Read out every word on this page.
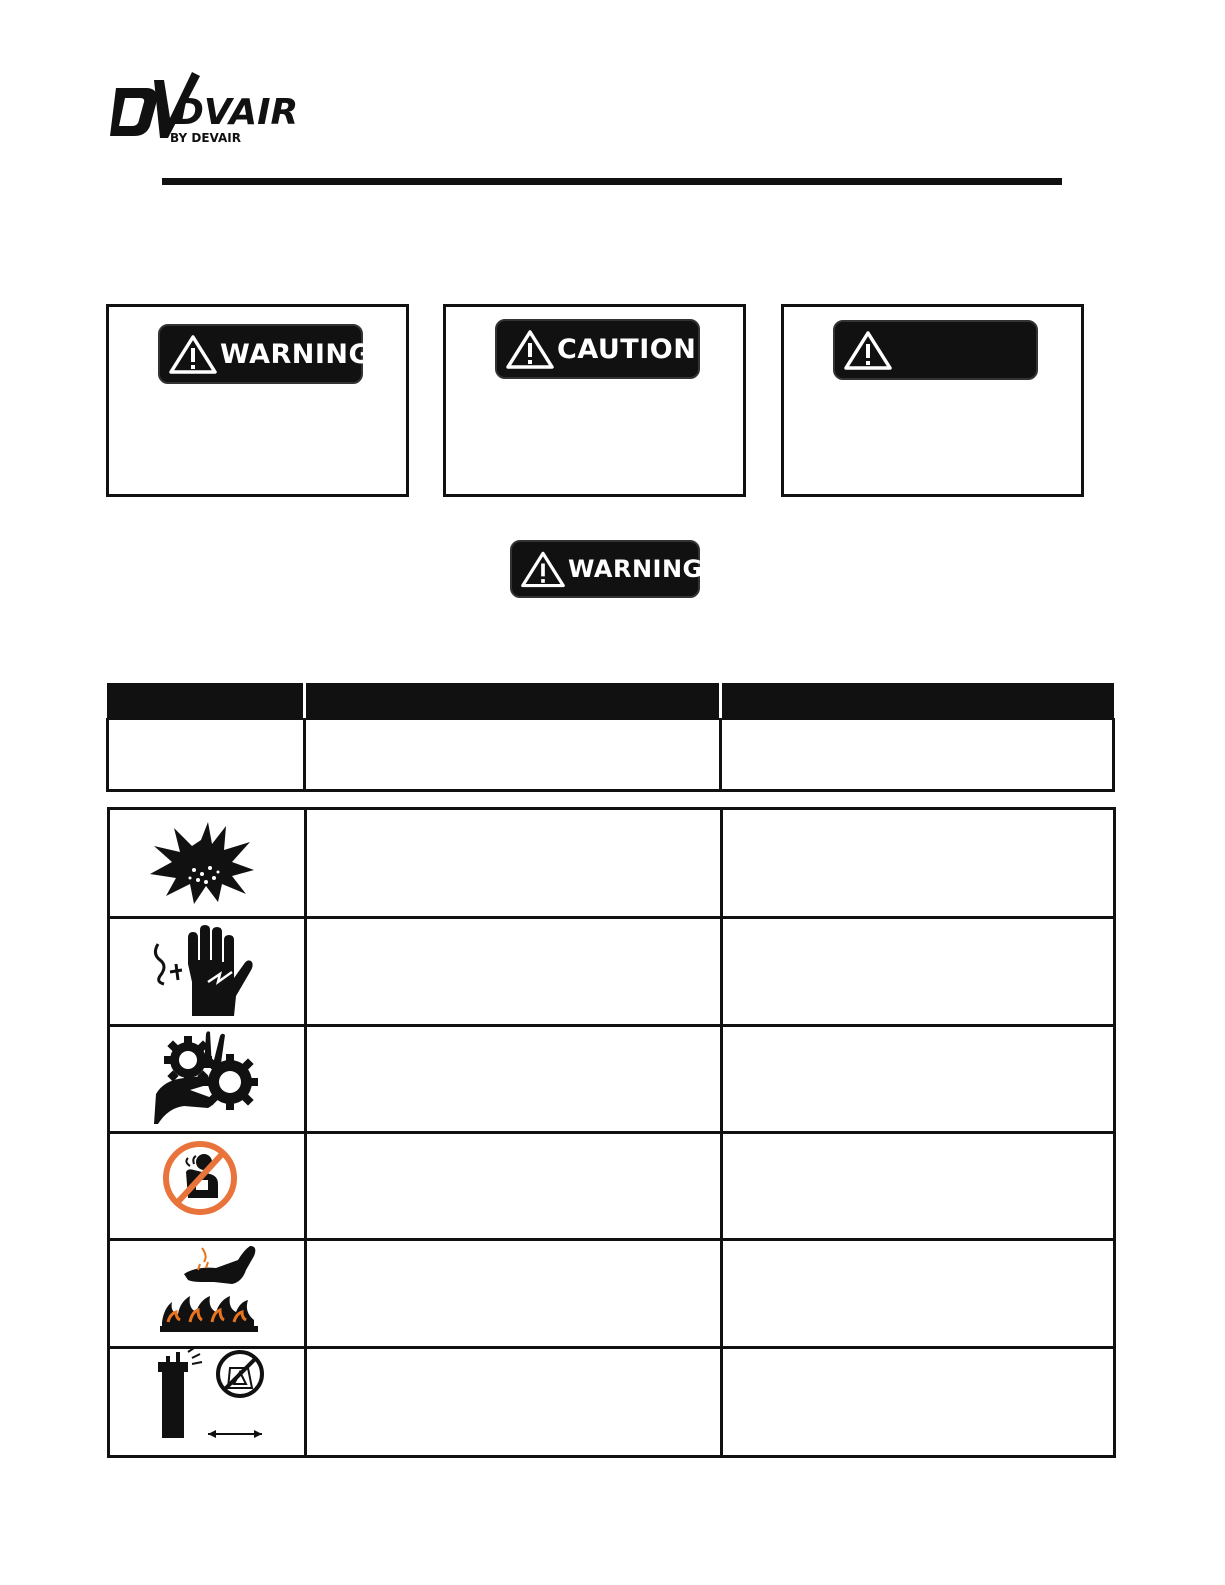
DVAIR
BY DEVAIR
WARNING	CAUTION
WARNING
